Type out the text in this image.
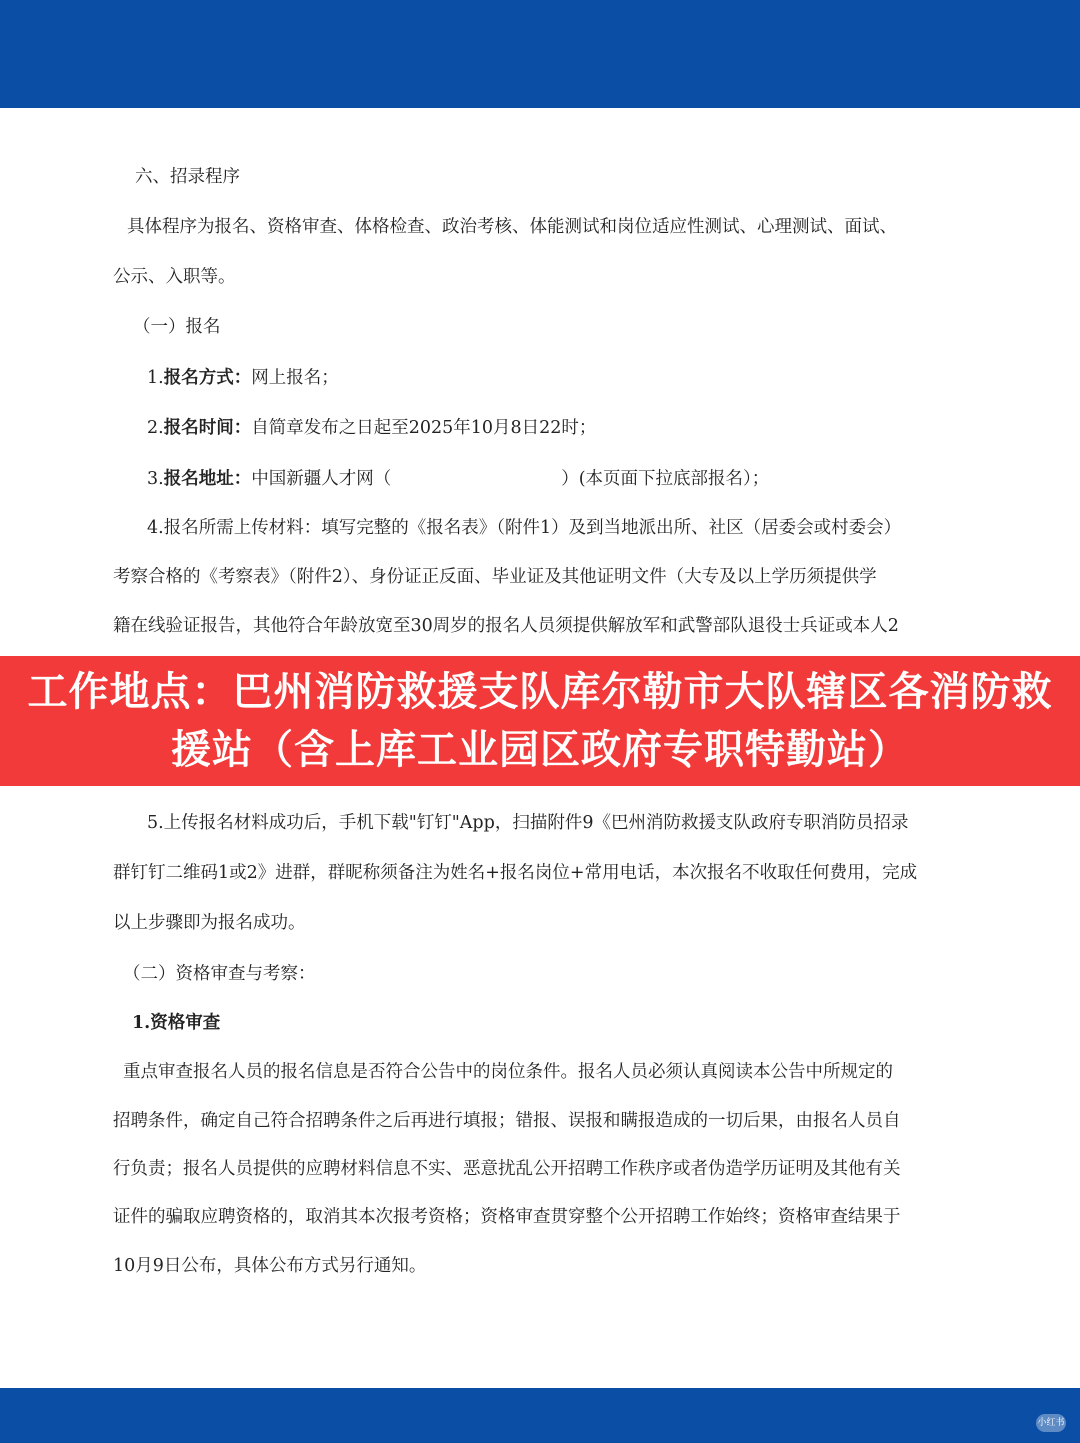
六、招录程序
具体程序为报名、资格审查、体格检查、政治考核、体能测试和岗位适应性测试、心理测试、面试、
公示、入职等。
（一）报名
1.报名方式：网上报名；
2.报名时间：自简章发布之日起至2025年10月8日22时；
3.报名地址：中国新疆人才网（	）(本页面下拉底部报名）；
4.报名所需上传材料：填写完整的《报名表》（附件1）及到当地派出所、社区（居委会或村委会）
考察合格的《考察表》（附件2）、身份证正反面、毕业证及其他证明文件（大专及以上学历须提供学
籍在线验证报告，其他符合年龄放宽至30周岁的报名人员须提供解放军和武警部队退役士兵证或本人2
5.上传报名材料成功后，手机下载"钉钉"App，扫描附件9《巴州消防救援支队政府专职消防员招录
群钉钉二维码1或2》进群，群昵称须备注为姓名+报名岗位+常用电话，本次报名不收取任何费用，完成
以上步骤即为报名成功。
（二）资格审查与考察：
1.资格审查
重点审查报名人员的报名信息是否符合公告中的岗位条件。报名人员必须认真阅读本公告中所规定的
招聘条件，确定自己符合招聘条件之后再进行填报；错报、误报和瞒报造成的一切后果，由报名人员自
行负责；报名人员提供的应聘材料信息不实、恶意扰乱公开招聘工作秩序或者伪造学历证明及其他有关
证件的骗取应聘资格的，取消其本次报考资格；资格审查贯穿整个公开招聘工作始终；资格审查结果于
10月9日公布，具体公布方式另行通知。
工作地点：巴州消防救援支队库尔勒市大队辖区各消防救
援站（含上库工业园区政府专职特勤站）
小红书
